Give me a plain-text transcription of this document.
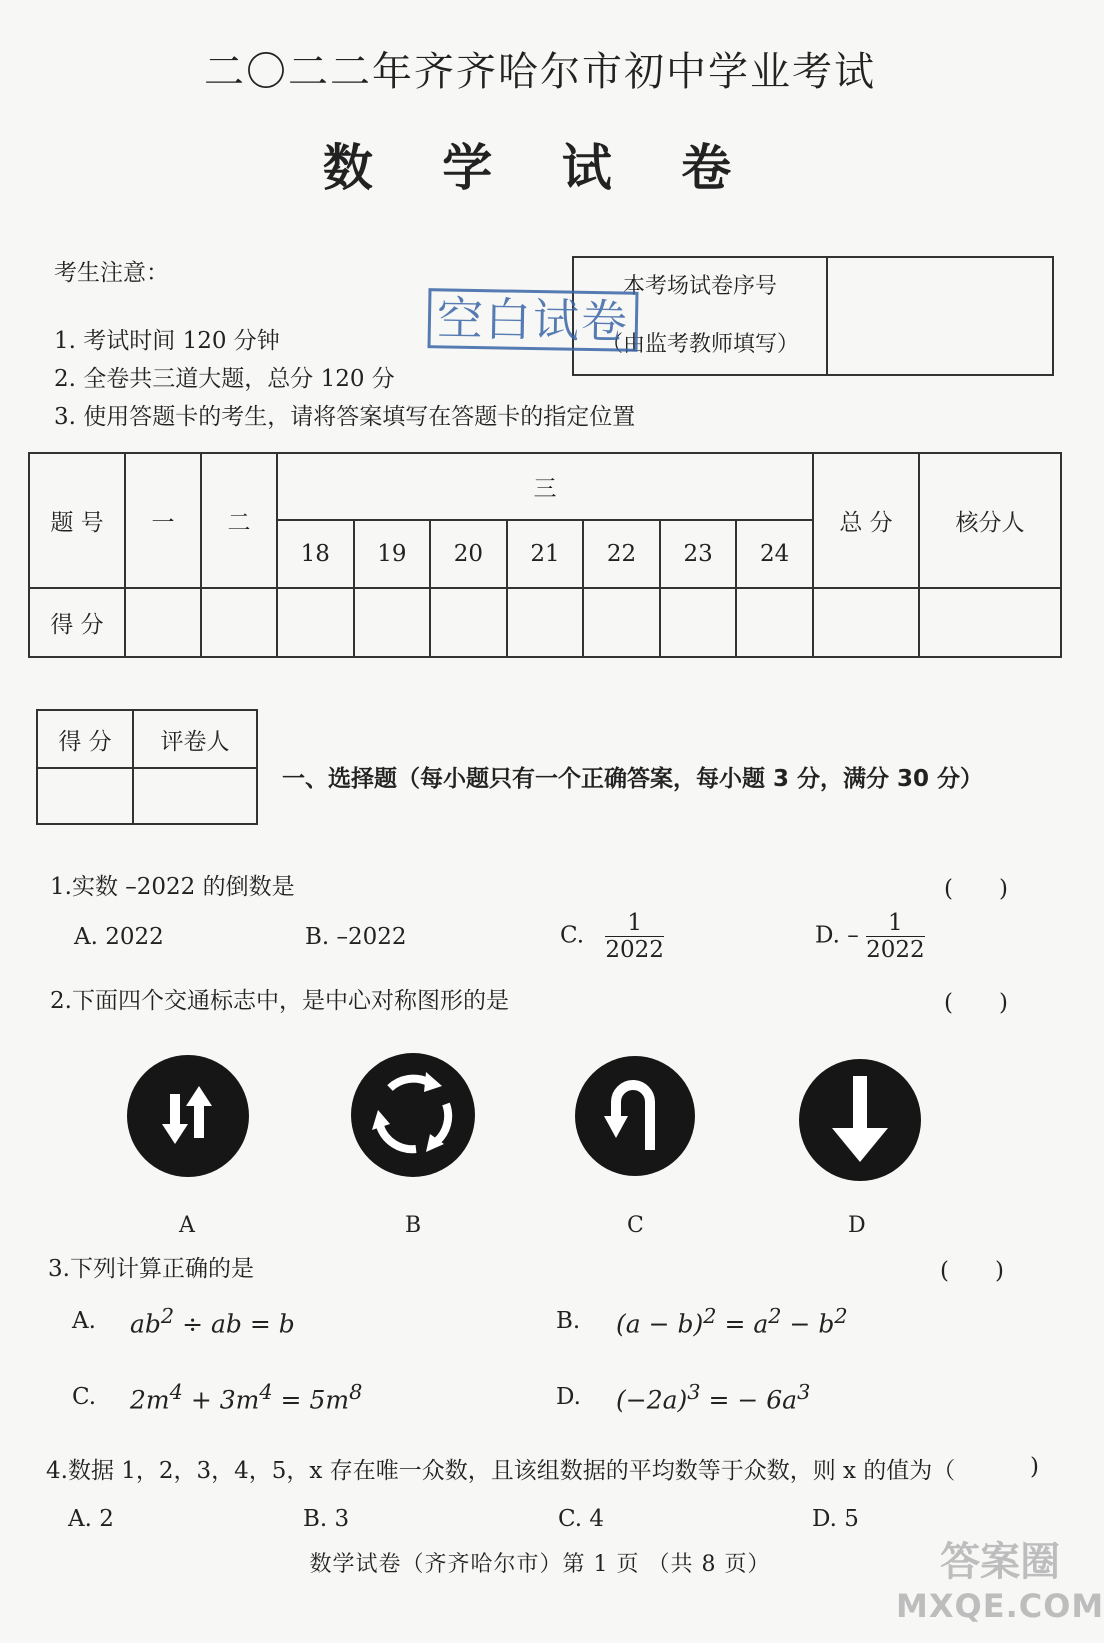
二〇二二年齐齐哈尔市初中学业考试
数 学 试 卷
考生注意：
1. 考试时间 120 分钟
2. 全卷共三道大题，总分 120 分
3. 使用答题卡的考生，请将答案填写在答题卡的指定位置
本考场试卷序号
（由监考教师填写）

空白试卷
题 号	一	二	三							总 分	核分人
			18	19	20	21	22	23	24		
得 分											
得 分	评卷人

一、选择题（每小题只有一个正确答案，每小题 3 分，满分 30 分）
1.实数 –2022 的倒数是	(　　)
A. 2022	B. –2022	C. $\frac{1}{2022}$	D. – $\frac{1}{2022}$
2.下面四个交通标志中，是中心对称图形的是	(　　)
A	B	C	D
3.下列计算正确的是	(　　)
A. $ab^2$ ÷ ab = b	B. $(a - b)^2 = a^2 - b^2$
C. $2m^4 + 3m^4 = 5m^8$	D. $(-2a)^3$ = − $6a^3$
4.数据 1，2，3，4，5，x 存在唯一众数，且该组数据的平均数等于众数，则 x 的值为（	)
A. 2	B. 3	C. 4	D. 5
数学试卷（齐齐哈尔市）第 1 页 （共 8 页）	答案圈
MXQE.COM
